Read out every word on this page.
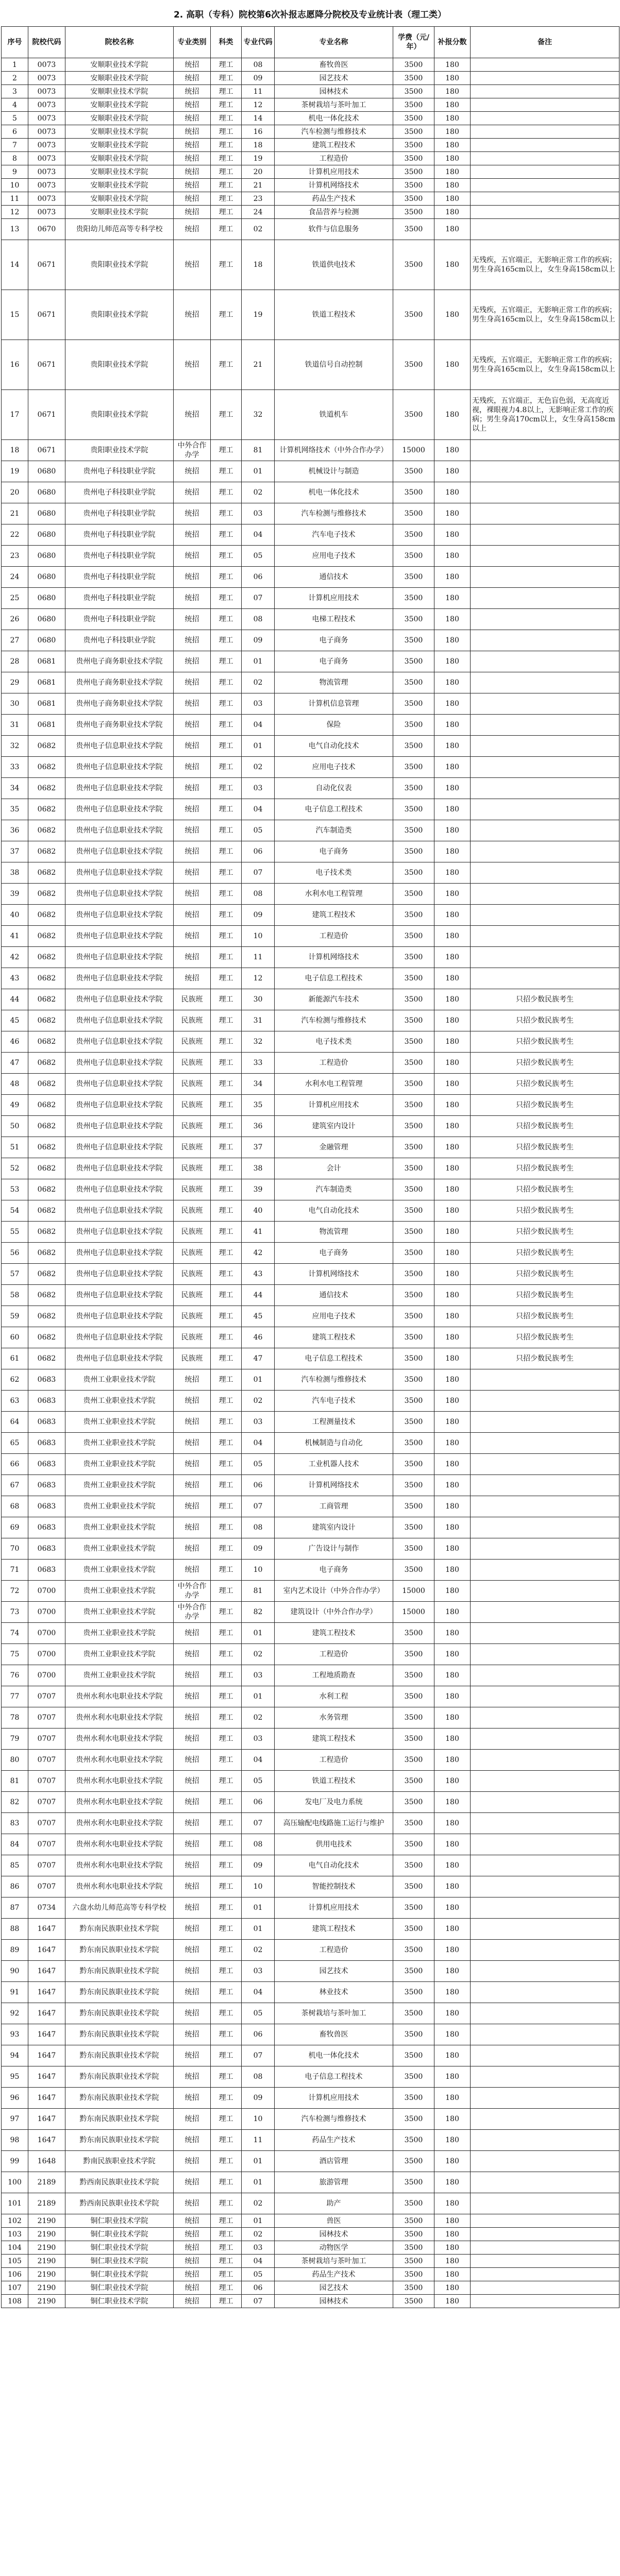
2. 高职（专科）院校第6次补报志愿降分院校及专业统计表（理工类）
序号	院校代码	院校名称	专业类别	科类	专业代码	专业名称	学费（元/年）	补报分数	备注
1	0073	安顺职业技术学院	统招	理工	08	畜牧兽医	3500	180	
2	0073	安顺职业技术学院	统招	理工	09	园艺技术	3500	180	
3	0073	安顺职业技术学院	统招	理工	11	园林技术	3500	180	
4	0073	安顺职业技术学院	统招	理工	12	茶树栽培与茶叶加工	3500	180	
5	0073	安顺职业技术学院	统招	理工	14	机电一体化技术	3500	180	
6	0073	安顺职业技术学院	统招	理工	16	汽车检测与维修技术	3500	180	
7	0073	安顺职业技术学院	统招	理工	18	建筑工程技术	3500	180	
8	0073	安顺职业技术学院	统招	理工	19	工程造价	3500	180	
9	0073	安顺职业技术学院	统招	理工	20	计算机应用技术	3500	180	
10	0073	安顺职业技术学院	统招	理工	21	计算机网络技术	3500	180	
11	0073	安顺职业技术学院	统招	理工	23	药品生产技术	3500	180	
12	0073	安顺职业技术学院	统招	理工	24	食品营养与检测	3500	180	
13	0670	贵阳幼儿师范高等专科学校	统招	理工	02	软件与信息服务	3500	180	
14	0671	贵阳职业技术学院	统招	理工	18	铁道供电技术	3500	180	无残疾，五官端正，无影响正常工作的疾病；男生身高165cm以上，女生身高158cm以上
15	0671	贵阳职业技术学院	统招	理工	19	铁道工程技术	3500	180	无残疾，五官端正，无影响正常工作的疾病；男生身高165cm以上，女生身高158cm以上
16	0671	贵阳职业技术学院	统招	理工	21	铁道信号自动控制	3500	180	无残疾，五官端正，无影响正常工作的疾病；男生身高165cm以上，女生身高158cm以上
17	0671	贵阳职业技术学院	统招	理工	32	铁道机车	3500	180	无残疾，五官端正，无色盲色弱，无高度近视，裸眼视力4.8以上，无影响正常工作的疾病；男生身高170cm以上，女生身高158cm以上
18	0671	贵阳职业技术学院	中外合作办学	理工	81	计算机网络技术（中外合作办学）	15000	180	
19	0680	贵州电子科技职业学院	统招	理工	01	机械设计与制造	3500	180	
20	0680	贵州电子科技职业学院	统招	理工	02	机电一体化技术	3500	180	
21	0680	贵州电子科技职业学院	统招	理工	03	汽车检测与维修技术	3500	180	
22	0680	贵州电子科技职业学院	统招	理工	04	汽车电子技术	3500	180	
23	0680	贵州电子科技职业学院	统招	理工	05	应用电子技术	3500	180	
24	0680	贵州电子科技职业学院	统招	理工	06	通信技术	3500	180	
25	0680	贵州电子科技职业学院	统招	理工	07	计算机应用技术	3500	180	
26	0680	贵州电子科技职业学院	统招	理工	08	电梯工程技术	3500	180	
27	0680	贵州电子科技职业学院	统招	理工	09	电子商务	3500	180	
28	0681	贵州电子商务职业技术学院	统招	理工	01	电子商务	3500	180	
29	0681	贵州电子商务职业技术学院	统招	理工	02	物流管理	3500	180	
30	0681	贵州电子商务职业技术学院	统招	理工	03	计算机信息管理	3500	180	
31	0681	贵州电子商务职业技术学院	统招	理工	04	保险	3500	180	
32	0682	贵州电子信息职业技术学院	统招	理工	01	电气自动化技术	3500	180	
33	0682	贵州电子信息职业技术学院	统招	理工	02	应用电子技术	3500	180	
34	0682	贵州电子信息职业技术学院	统招	理工	03	自动化仪表	3500	180	
35	0682	贵州电子信息职业技术学院	统招	理工	04	电子信息工程技术	3500	180	
36	0682	贵州电子信息职业技术学院	统招	理工	05	汽车制造类	3500	180	
37	0682	贵州电子信息职业技术学院	统招	理工	06	电子商务	3500	180	
38	0682	贵州电子信息职业技术学院	统招	理工	07	电子技术类	3500	180	
39	0682	贵州电子信息职业技术学院	统招	理工	08	水利水电工程管理	3500	180	
40	0682	贵州电子信息职业技术学院	统招	理工	09	建筑工程技术	3500	180	
41	0682	贵州电子信息职业技术学院	统招	理工	10	工程造价	3500	180	
42	0682	贵州电子信息职业技术学院	统招	理工	11	计算机网络技术	3500	180	
43	0682	贵州电子信息职业技术学院	统招	理工	12	电子信息工程技术	3500	180	
44	0682	贵州电子信息职业技术学院	民族班	理工	30	新能源汽车技术	3500	180	只招少数民族考生
45	0682	贵州电子信息职业技术学院	民族班	理工	31	汽车检测与维修技术	3500	180	只招少数民族考生
46	0682	贵州电子信息职业技术学院	民族班	理工	32	电子技术类	3500	180	只招少数民族考生
47	0682	贵州电子信息职业技术学院	民族班	理工	33	工程造价	3500	180	只招少数民族考生
48	0682	贵州电子信息职业技术学院	民族班	理工	34	水利水电工程管理	3500	180	只招少数民族考生
49	0682	贵州电子信息职业技术学院	民族班	理工	35	计算机应用技术	3500	180	只招少数民族考生
50	0682	贵州电子信息职业技术学院	民族班	理工	36	建筑室内设计	3500	180	只招少数民族考生
51	0682	贵州电子信息职业技术学院	民族班	理工	37	金融管理	3500	180	只招少数民族考生
52	0682	贵州电子信息职业技术学院	民族班	理工	38	会计	3500	180	只招少数民族考生
53	0682	贵州电子信息职业技术学院	民族班	理工	39	汽车制造类	3500	180	只招少数民族考生
54	0682	贵州电子信息职业技术学院	民族班	理工	40	电气自动化技术	3500	180	只招少数民族考生
55	0682	贵州电子信息职业技术学院	民族班	理工	41	物流管理	3500	180	只招少数民族考生
56	0682	贵州电子信息职业技术学院	民族班	理工	42	电子商务	3500	180	只招少数民族考生
57	0682	贵州电子信息职业技术学院	民族班	理工	43	计算机网络技术	3500	180	只招少数民族考生
58	0682	贵州电子信息职业技术学院	民族班	理工	44	通信技术	3500	180	只招少数民族考生
59	0682	贵州电子信息职业技术学院	民族班	理工	45	应用电子技术	3500	180	只招少数民族考生
60	0682	贵州电子信息职业技术学院	民族班	理工	46	建筑工程技术	3500	180	只招少数民族考生
61	0682	贵州电子信息职业技术学院	民族班	理工	47	电子信息工程技术	3500	180	只招少数民族考生
62	0683	贵州工业职业技术学院	统招	理工	01	汽车检测与维修技术	3500	180	
63	0683	贵州工业职业技术学院	统招	理工	02	汽车电子技术	3500	180	
64	0683	贵州工业职业技术学院	统招	理工	03	工程测量技术	3500	180	
65	0683	贵州工业职业技术学院	统招	理工	04	机械制造与自动化	3500	180	
66	0683	贵州工业职业技术学院	统招	理工	05	工业机器人技术	3500	180	
67	0683	贵州工业职业技术学院	统招	理工	06	计算机网络技术	3500	180	
68	0683	贵州工业职业技术学院	统招	理工	07	工商管理	3500	180	
69	0683	贵州工业职业技术学院	统招	理工	08	建筑室内设计	3500	180	
70	0683	贵州工业职业技术学院	统招	理工	09	广告设计与制作	3500	180	
71	0683	贵州工业职业技术学院	统招	理工	10	电子商务	3500	180	
72	0700	贵州工业职业技术学院	中外合作办学	理工	81	室内艺术设计（中外合作办学）	15000	180	
73	0700	贵州工业职业技术学院	中外合作办学	理工	82	建筑设计（中外合作办学）	15000	180	
74	0700	贵州工业职业技术学院	统招	理工	01	建筑工程技术	3500	180	
75	0700	贵州工业职业技术学院	统招	理工	02	工程造价	3500	180	
76	0700	贵州工业职业技术学院	统招	理工	03	工程地质勘查	3500	180	
77	0707	贵州水利水电职业技术学院	统招	理工	01	水利工程	3500	180	
78	0707	贵州水利水电职业技术学院	统招	理工	02	水务管理	3500	180	
79	0707	贵州水利水电职业技术学院	统招	理工	03	建筑工程技术	3500	180	
80	0707	贵州水利水电职业技术学院	统招	理工	04	工程造价	3500	180	
81	0707	贵州水利水电职业技术学院	统招	理工	05	铁道工程技术	3500	180	
82	0707	贵州水利水电职业技术学院	统招	理工	06	发电厂及电力系统	3500	180	
83	0707	贵州水利水电职业技术学院	统招	理工	07	高压输配电线路施工运行与维护	3500	180	
84	0707	贵州水利水电职业技术学院	统招	理工	08	供用电技术	3500	180	
85	0707	贵州水利水电职业技术学院	统招	理工	09	电气自动化技术	3500	180	
86	0707	贵州水利水电职业技术学院	统招	理工	10	智能控制技术	3500	180	
87	0734	六盘水幼儿师范高等专科学校	统招	理工	01	计算机应用技术	3500	180	
88	1647	黔东南民族职业技术学院	统招	理工	01	建筑工程技术	3500	180	
89	1647	黔东南民族职业技术学院	统招	理工	02	工程造价	3500	180	
90	1647	黔东南民族职业技术学院	统招	理工	03	园艺技术	3500	180	
91	1647	黔东南民族职业技术学院	统招	理工	04	林业技术	3500	180	
92	1647	黔东南民族职业技术学院	统招	理工	05	茶树栽培与茶叶加工	3500	180	
93	1647	黔东南民族职业技术学院	统招	理工	06	畜牧兽医	3500	180	
94	1647	黔东南民族职业技术学院	统招	理工	07	机电一体化技术	3500	180	
95	1647	黔东南民族职业技术学院	统招	理工	08	电子信息工程技术	3500	180	
96	1647	黔东南民族职业技术学院	统招	理工	09	计算机应用技术	3500	180	
97	1647	黔东南民族职业技术学院	统招	理工	10	汽车检测与维修技术	3500	180	
98	1647	黔东南民族职业技术学院	统招	理工	11	药品生产技术	3500	180	
99	1648	黔南民族职业技术学院	统招	理工	01	酒店管理	3500	180	
100	2189	黔西南民族职业技术学院	统招	理工	01	旅游管理	3500	180	
101	2189	黔西南民族职业技术学院	统招	理工	02	助产	3500	180	
102	2190	铜仁职业技术学院	统招	理工	01	兽医	3500	180	
103	2190	铜仁职业技术学院	统招	理工	02	园林技术	3500	180	
104	2190	铜仁职业技术学院	统招	理工	03	动物医学	3500	180	
105	2190	铜仁职业技术学院	统招	理工	04	茶树栽培与茶叶加工	3500	180	
106	2190	铜仁职业技术学院	统招	理工	05	药品生产技术	3500	180	
107	2190	铜仁职业技术学院	统招	理工	06	园艺技术	3500	180	
108	2190	铜仁职业技术学院	统招	理工	07	园林技术	3500	180	
